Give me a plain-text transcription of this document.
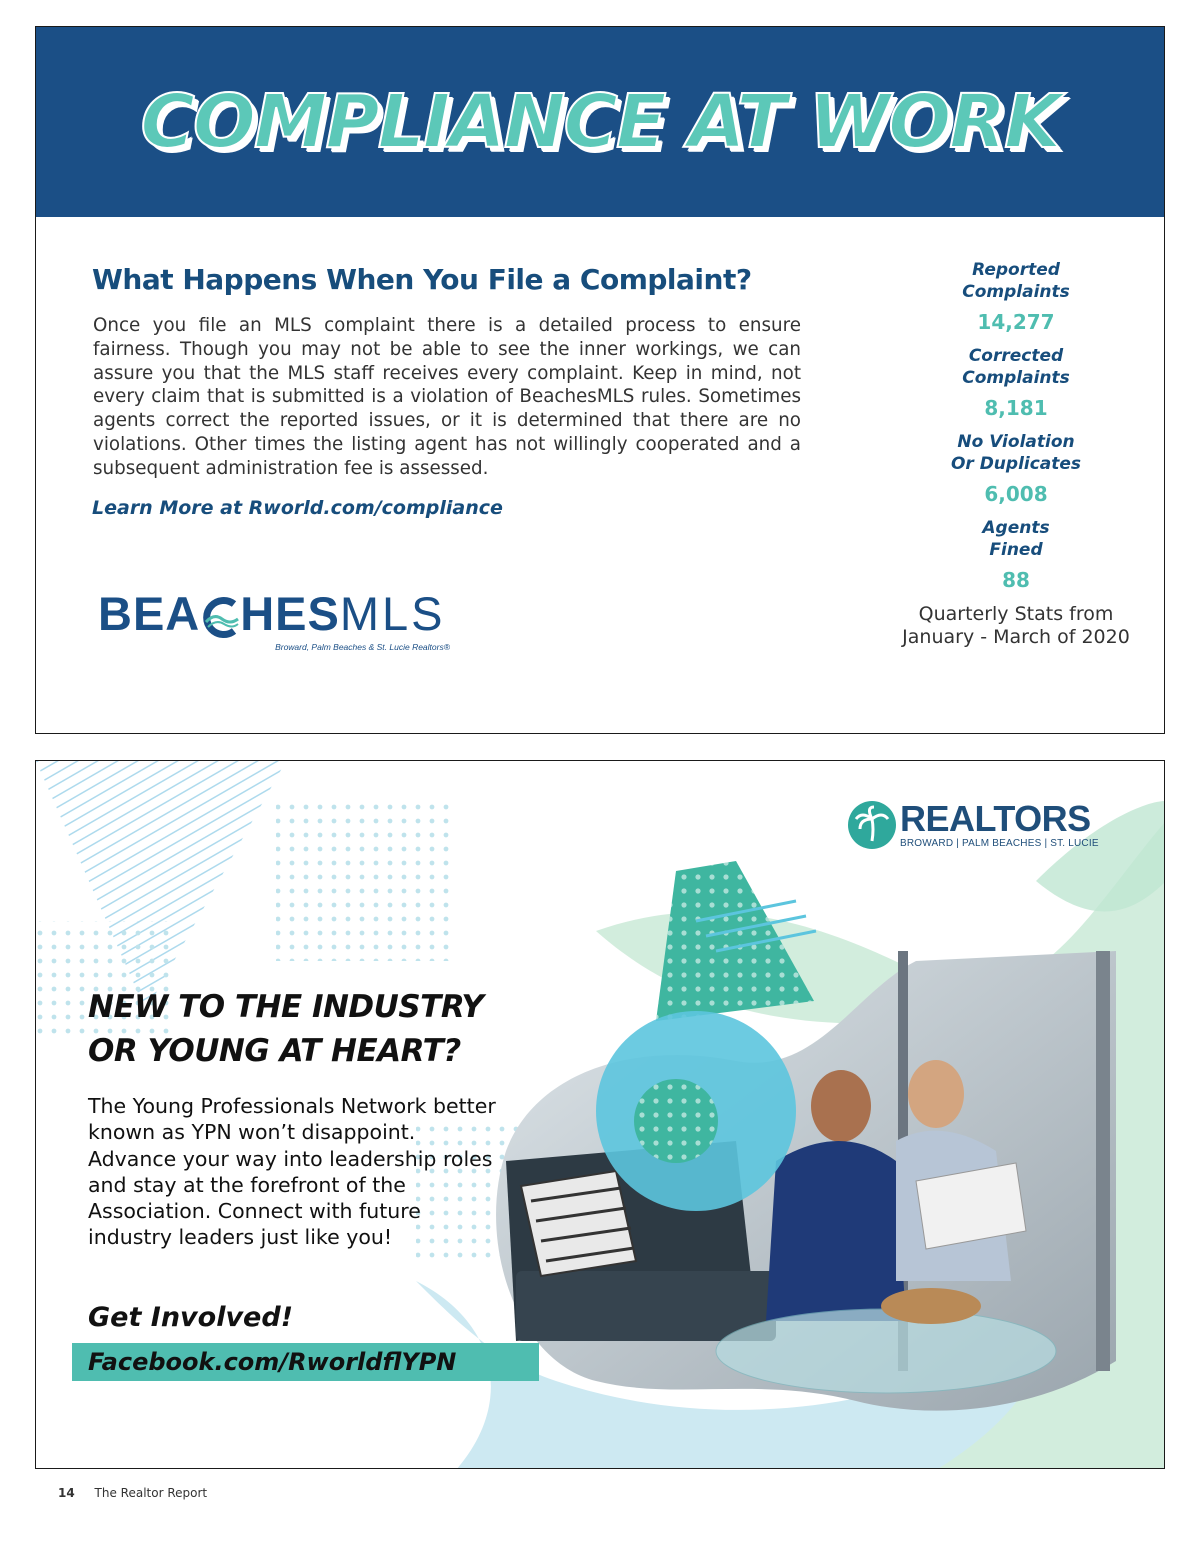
COMPLIANCE AT WORK
What Happens When You File a Complaint?

Once you file an MLS complaint there is a detailed process to ensure fairness. Though you may not be able to see the inner workings, we can assure you that the MLS staff receives every complaint. Keep in mind, not every claim that is submitted is a violation of BeachesMLS rules. Sometimes agents correct the reported issues, or it is determined that there are no violations. Other times the listing agent has not willingly cooperated and a subsequent administration fee is assessed.

Learn More at Rworld.com/compliance
BEA HES MLS
Broward, Palm Beaches & St. Lucie Realtors®
Reported
Complaints
14,277
Corrected
Complaints
8,181
No Violation
Or Duplicates
6,008
Agents
Fined
88
Quarterly Stats from
January - March of 2020
REALTORS
BROWARD | PALM BEACHES | ST. LUCIE
NEW TO THE INDUSTRY
OR YOUNG AT HEART?

The Young Professionals Network better known as YPN won’t disappoint. Advance your way into leadership roles and stay at the forefront of the Association. Connect with future industry leaders just like you!

Get Involved!
Facebook.com/RworldflYPN
14 The Realtor Report
